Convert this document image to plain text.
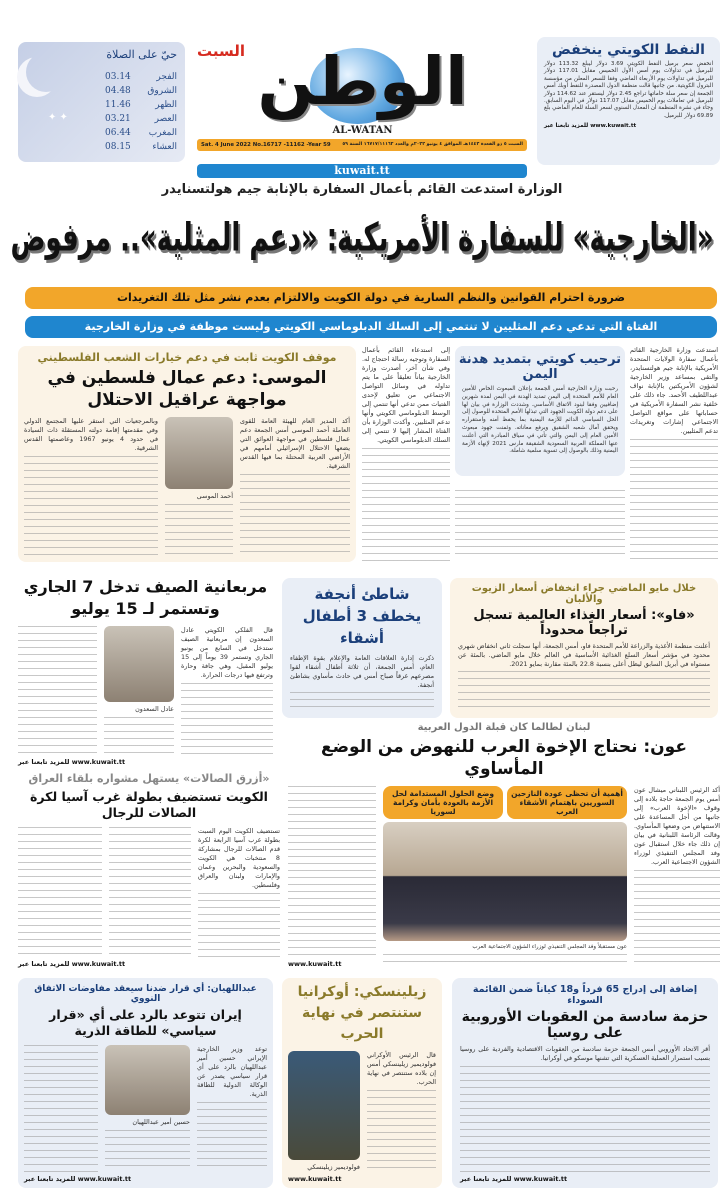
النفط الكويتي ينخفض
انخفض سعر برميل النفط الكويتي 3.69 دولار ليبلغ 113.32 دولار للبرميل في تداولات يوم أمس الأول الخميس مقابل 117.01 دولار للبرميل في تداولات يوم الأربعاء الماضي وفقا للسعر المعلن من مؤسسة البترول الكويتية. من جانبها قالت منظمة الدول المصدرة للنفط أوبك أمس الجمعة إن سعر سلة خاماتها تراجع 2.45 دولار ليستقر عند 114.62 دولار للبرميل في تعاملات يوم الخميس مقابل 117.07 دولار في اليوم السابق. وجاء في نشرة المنظمة أن المعدل السنوي لسعر السلة للعام الماضي بلغ 69.89 دولار للبرميل.
للمزيد تابعنا عبر www.kuwait.tt
✦ ✦
حيّ على الصلاة
الفجر
03.14
الشروق
04.48
الظهر
11.46
العصر
03.21
المغرب
06.44
العشاء
08.15
الوطن
السبت
AL-WATAN
السبت ٥ ذو القعدة ١٤٤٣هـ الموافق ٤ يونيو ٢٠٢٢م والعدد ١٦٧١٧/١١١٦٢ السنة ٥٩
Sat. 4 June 2022 No.16717 -11162 -Year 59
kuwait.tt
الوزارة استدعت القائم بأعمال السفارة بالإنابة جيم هولتسنايدر
«الخارجية» للسفارة الأمريكية: «دعم المثلية».. مرفوض
ضرورة احترام القوانين والنظم السارية في دولة الكويت والالتزام بعدم نشر مثل تلك التغريدات
الفتاة التي تدعي دعم المثليين لا تنتمي إلى السلك الدبلوماسي الكويتي وليست موظفة في وزارة الخارجية
استدعت وزارة الخارجية القائم بأعمال سفارة الولايات المتحدة الأمريكية بالإنابة جيم هولتسنايدر، والتقى بمساعد وزير الخارجية لشؤون الأمريكتين بالإنابة نواف عبداللطيف الأحمد. جاء ذلك على خلفية نشر السفارة الأمريكية في حساباتها على مواقع التواصل الاجتماعي إشارات وتغريدات تدعم المثليين.
ترحيب كويتي بتمديد هدنة اليمن
رحبت وزارة الخارجية أمس الجمعة بإعلان المبعوث الخاص للأمين العام للأمم المتحدة إلى اليمن تمديد الهدنة في اليمن لمدة شهرين إضافيين وفقا لبنود الاتفاق الأساسي. وشددت الوزارة في بيان لها على دعم دولة الكويت الجهود التي تبذلها الأمم المتحدة للوصول إلى الحل السياسي الدائم للأزمة اليمنية بما يحفظ أمنه واستقراره ويحقق آمال شعبه الشقيق ويرفع معاناته. وثمنت جهود مبعوث الأمين العام إلى اليمن والتي تأتي في سياق المبادرة التي أعلنت عنها المملكة العربية السعودية الشقيقة مارس 2021 لإنهاء الأزمة اليمنية وذلك بالوصول إلى تسوية سلمية شاملة.
إلى استدعاء القائم بأعمال السفارة وتوجيه رسالة احتجاج له. وفي شأن آخر، أصدرت وزارة الخارجية بياناً تعليقاً على ما يتم تداوله في وسائل التواصل الاجتماعي من تعليق لإحدى الفتيات ممن تدعي أنها تنتمي إلى الوسط الدبلوماسي الكويتي وأنها تدعم المثليين. وأكدت الوزارة بأن الفتاة المشار إليها لا تنتمي إلى السلك الدبلوماسي الكويتي.
موقف الكويت ثابت في دعم خيارات الشعب الفلسطيني
الموسى: دعم عمال فلسطين في مواجهة عراقيل الاحتلال
أكد المدير العام للهيئة العامة للقوى العاملة أحمد الموسى أمس الجمعة دعم عمال فلسطين في مواجهة العوائق التي يضعها الاحتلال الإسرائيلي أمامهم في الأراضي العربية المحتلة بما فيها القدس الشرقية.
أحمد الموسى
وبالمرجعيات التي استقر عليها المجتمع الدولي وفي مقدمتها إقامة دولته المستقلة ذات السيادة في حدود 4 يونيو 1967 وعاصمتها القدس الشرقية.
خلال مايو الماضي جراء انخفاض أسعار الزيوت والألبان
«فاو»: أسعار الغذاء العالمية تسجل تراجعاً محدوداً
أعلنت منظمة الأغذية والزراعة للأمم المتحدة فاو، أمس الجمعة، أنها سجلت ثاني انخفاض شهري محدود في مؤشر أسعار السلع الغذائية الأساسية في العالم خلال مايو الماضي. بالمئة عن مستواه في أبريل السابق ليظل أعلى بنسبة 22.8 بالمئة مقارنة بمايو 2021.
شاطئ أنجفة يخطف 3 أطفال أشقاء
ذكرت إدارة العلاقات العامة والإعلام بقوة الإطفاء العام، أمس الجمعة، أن ثلاثة أطفال أشقاء لقوا مصرعهم غرقاً صباح أمس في حادث مأساوي بشاطئ أنجفة.
مربعانية الصيف تدخل 7 الجاري وتستمر لـ 15 يوليو
قال الفلكي الكويتي عادل السعدون إن مربعانية الصيف ستدخل في السابع من يونيو الجاري وتستمر 39 يوماً إلى 15 يوليو المقبل، وهي جافة وحارة وترتفع فيها درجات الحرارة.
عادل السعدون
للمزيد تابعنا عبر www.kuwait.tt
«أزرق الصالات» يستهل مشواره بلقاء العراق
الكويت تستضيف بطولة غرب آسيا لكرة الصالات للرجال
تستضيف الكويت اليوم السبت بطولة غرب آسيا الرابعة لكرة قدم الصالات للرجال بمشاركة 8 منتخبات هي الكويت والسعودية والبحرين وعمان والإمارات ولبنان والعراق وفلسطين.
للمزيد تابعنا عبر www.kuwait.tt
لبنان لطالما كان قبلة الدول العربية
عون: نحتاج الإخوة العرب للنهوض من الوضع المأساوي
أكد الرئيس اللبناني ميشال عون أمس يوم الجمعة حاجة بلاده إلى وقوف «الإخوة العرب» إلى جانبها من أجل المساعدة على الاستنهاض من وضعها المأساوي. وقالت الرئاسة اللبنانية في بيان إن ذلك جاء خلال استقبال عون وفد المجلس التنفيذي لوزراء الشؤون الاجتماعية العرب.
أهمية أن تحظى عودة النازحين السوريين باهتمام الأشقاء العرب
وضع الحلول المستدامة لحل الأزمة بالعودة بأمان وكرامة لسوريا
عون مستقبلاً وفد المجلس التنفيذي لوزراء الشؤون الاجتماعية العرب
www.kuwait.tt
إضافة إلى إدراج 65 فرداً و18 كياناً ضمن القائمة السوداء
حزمة سادسة من العقوبات الأوروبية على روسيا
أقر الاتحاد الأوروبي أمس الجمعة حزمة سادسة من العقوبات الاقتصادية والفردية على روسيا بسبب استمرار العملية العسكرية التي تشنها موسكو في أوكرانيا.
للمزيد تابعنا عبر www.kuwait.tt
زيلينسكي: أوكرانيا ستنتصر في نهاية الحرب
قال الرئيس الأوكراني فولوديمير زيلينسكي أمس إن بلاده ستنتصر في نهاية الحرب.
فولوديمير زيلينسكي
www.kuwait.tt
عبداللهيان: أي قرار ضدنا سيعقد مفاوضات الاتفاق النووي
إيران تتوعد بالرد على أي «قرار سياسي» للطاقة الذرية
توعد وزير الخارجية الإيراني حسين أمير عبداللهيان بالرد على أي قرار سياسي يصدر عن الوكالة الدولية للطاقة الذرية.
حسين أمير عبداللهيان
للمزيد تابعنا عبر www.kuwait.tt
